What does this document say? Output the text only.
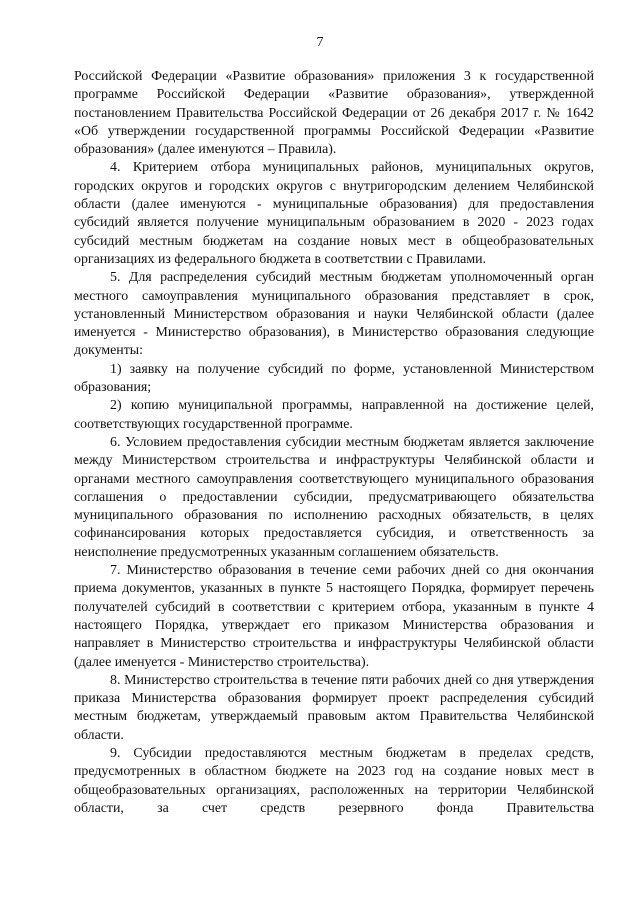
7

Российской Федерации «Развитие образования» приложения 3 к государственной программе Российской Федерации «Развитие образования», утвержденной постановлением Правительства Российской Федерации от 26 декабря 2017 г. № 1642 «Об утверждении государственной программы Российской Федерации «Развитие образования» (далее именуются – Правила).

4. Критерием отбора муниципальных районов, муниципальных округов, городских округов и городских округов с внутригородским делением Челябинской области (далее именуются - муниципальные образования) для предоставления субсидий является получение муниципальным образованием в 2020 - 2023 годах субсидий местным бюджетам на создание новых мест в общеобразовательных организациях из федерального бюджета в соответствии с Правилами.

5. Для распределения субсидий местным бюджетам уполномоченный орган местного самоуправления муниципального образования представляет в срок, установленный Министерством образования и науки Челябинской области (далее именуется - Министерство образования), в Министерство образования следующие документы:

1) заявку на получение субсидий по форме, установленной Министерством образования;

2) копию муниципальной программы, направленной на достижение целей, соответствующих государственной программе.

6. Условием предоставления субсидии местным бюджетам является заключение между Министерством строительства и инфраструктуры Челябинской области и органами местного самоуправления соответствующего муниципального образования соглашения о предоставлении субсидии, предусматривающего обязательства муниципального образования по исполнению расходных обязательств, в целях софинансирования которых предоставляется субсидия, и ответственность за неисполнение предусмотренных указанным соглашением обязательств.

7. Министерство образования в течение семи рабочих дней со дня окончания приема документов, указанных в пункте 5 настоящего Порядка, формирует перечень получателей субсидий в соответствии с критерием отбора, указанным в пункте 4 настоящего Порядка, утверждает его приказом Министерства образования и направляет в Министерство строительства и инфраструктуры Челябинской области (далее именуется - Министерство строительства).

8. Министерство строительства в течение пяти рабочих дней со дня утверждения приказа Министерства образования формирует проект распределения субсидий местным бюджетам, утверждаемый правовым актом Правительства Челябинской области.

9. Субсидии предоставляются местным бюджетам в пределах средств, предусмотренных в областном бюджете на 2023 год на создание новых мест в общеобразовательных организациях, расположенных на территории Челябинской области, за счет средств резервного фонда Правительства
